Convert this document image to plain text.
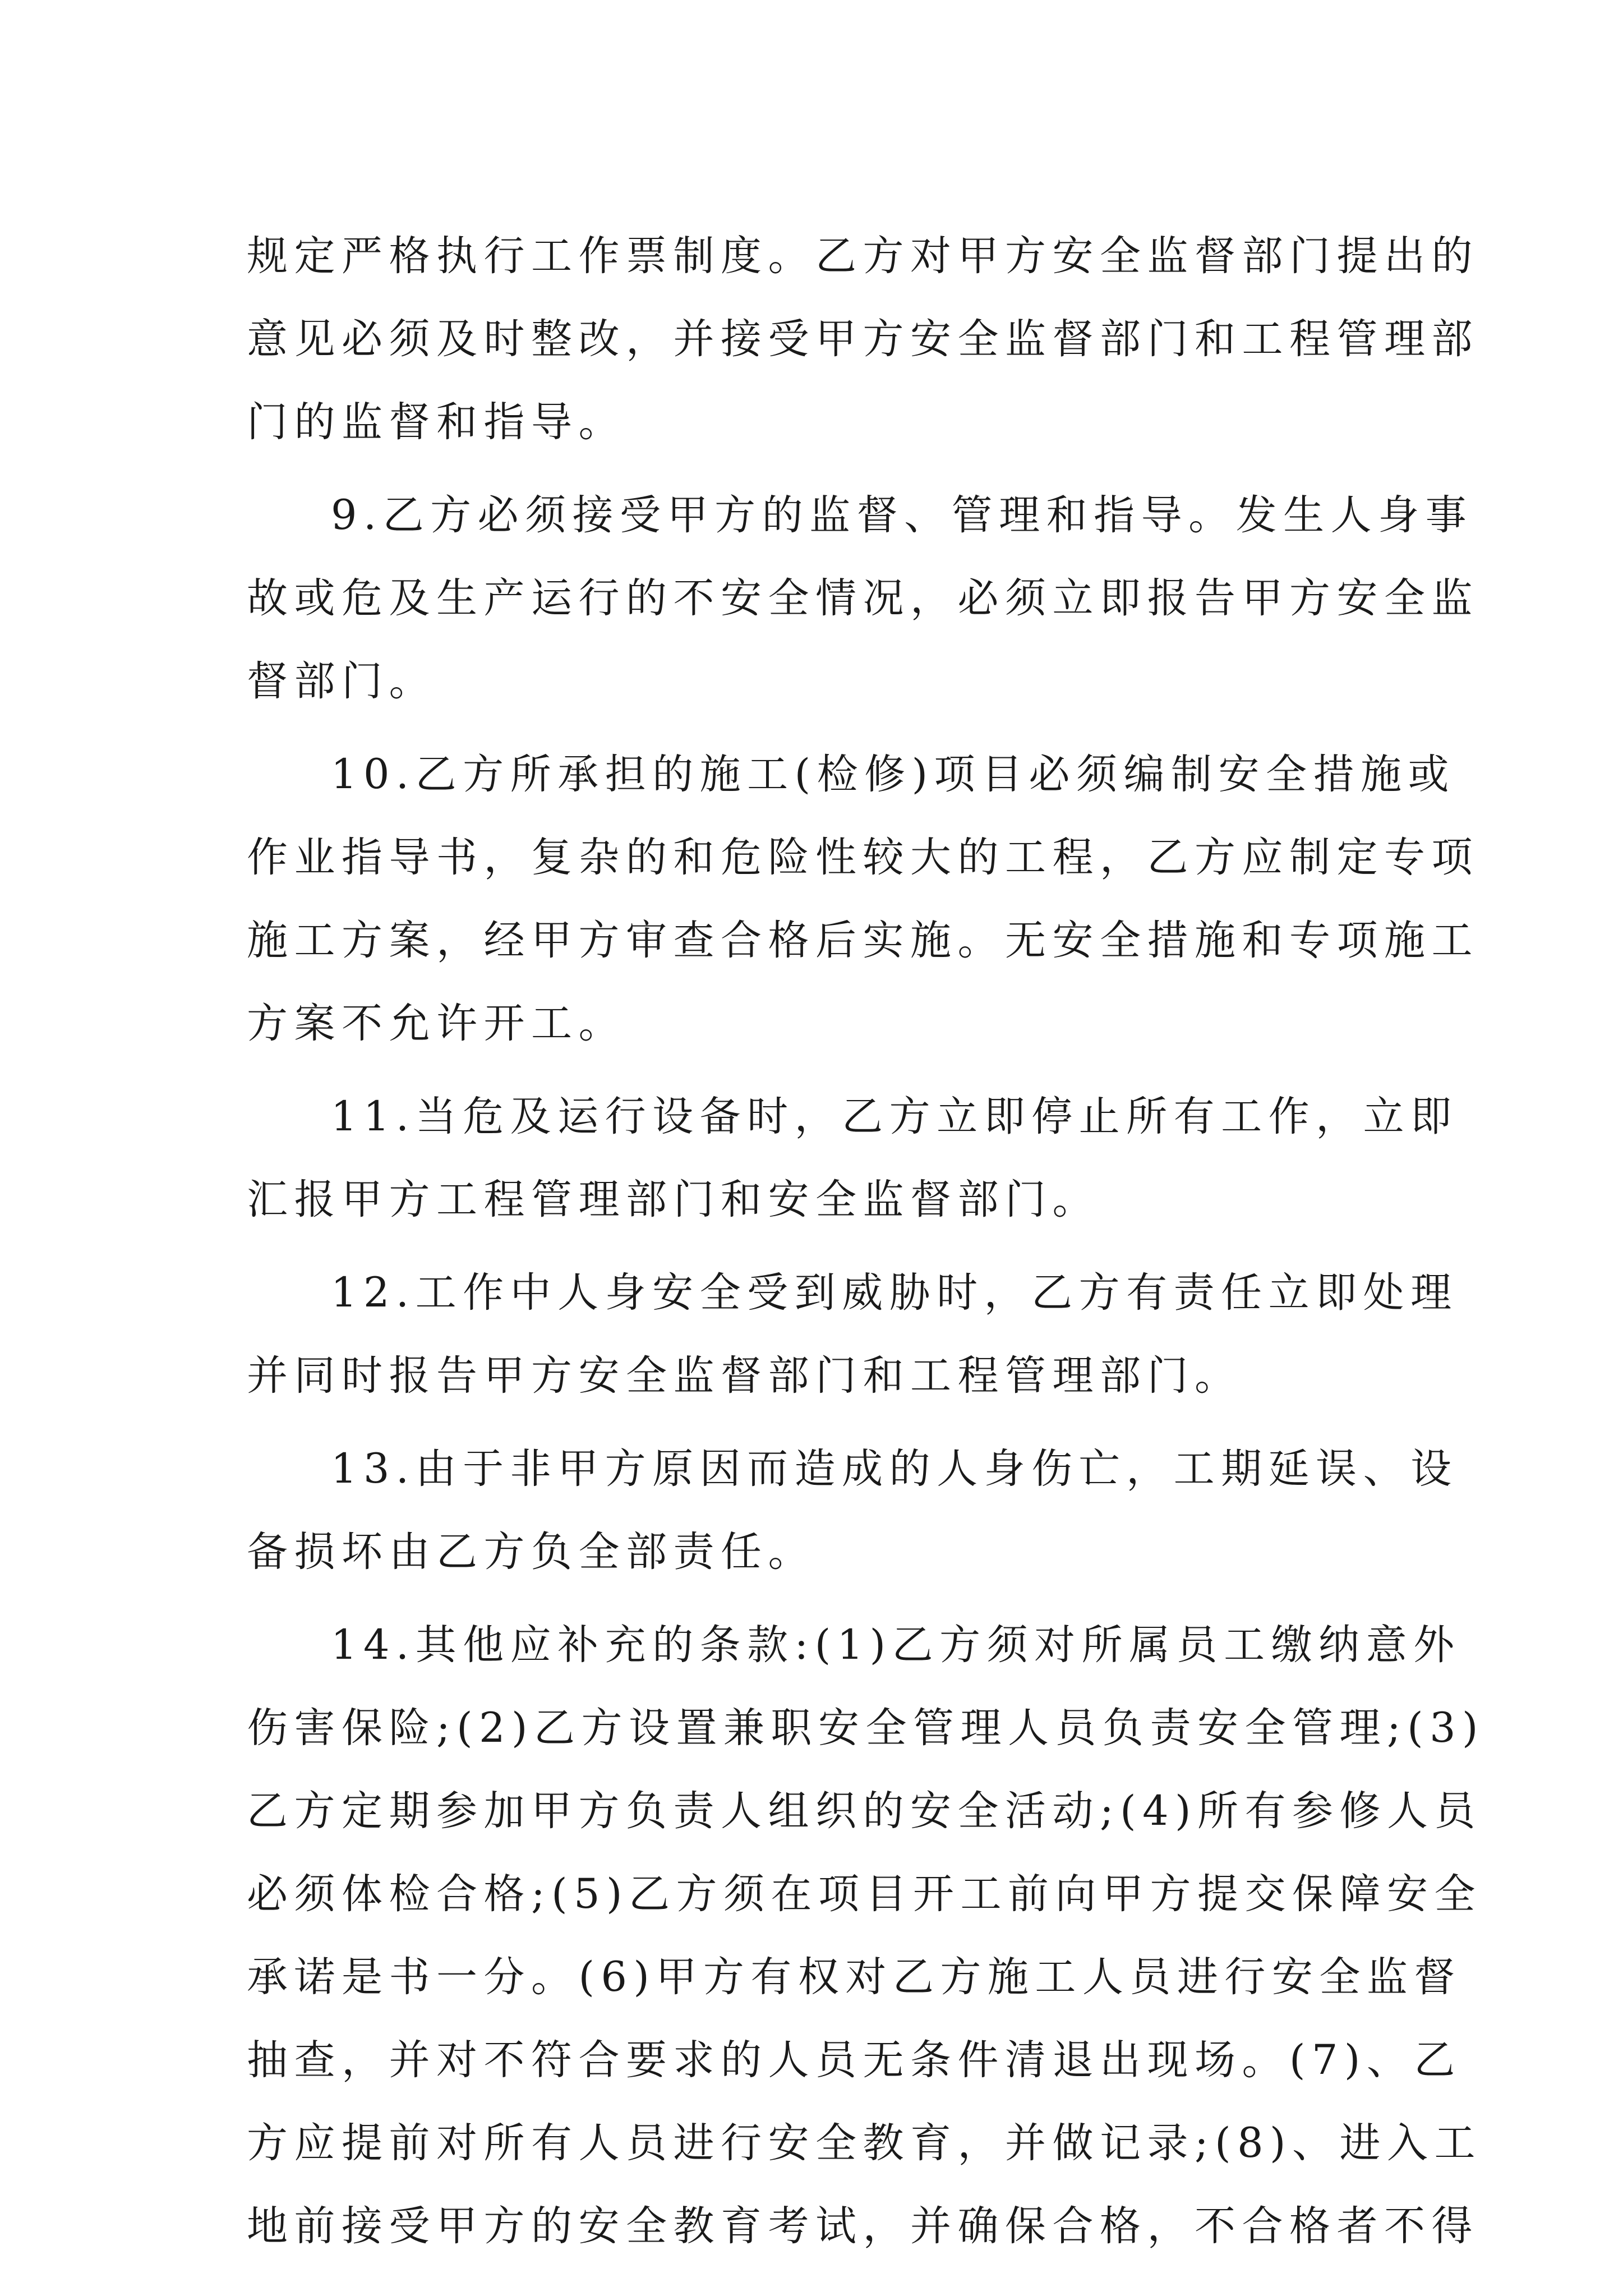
规定严格执行工作票制度。乙方对甲方安全监督部门提出的
意见必须及时整改，并接受甲方安全监督部门和工程管理部
门的监督和指导。
9.乙方必须接受甲方的监督、管理和指导。发生人身事
故或危及生产运行的不安全情况，必须立即报告甲方安全监
督部门。
10.乙方所承担的施工(检修)项目必须编制安全措施或
作业指导书，复杂的和危险性较大的工程，乙方应制定专项
施工方案，经甲方审查合格后实施。无安全措施和专项施工
方案不允许开工。
11.当危及运行设备时，乙方立即停止所有工作，立即
汇报甲方工程管理部门和安全监督部门。
12.工作中人身安全受到威胁时，乙方有责任立即处理
并同时报告甲方安全监督部门和工程管理部门。
13.由于非甲方原因而造成的人身伤亡，工期延误、设
备损坏由乙方负全部责任。
14.其他应补充的条款:(1)乙方须对所属员工缴纳意外
伤害保险;(2)乙方设置兼职安全管理人员负责安全管理;(3)
乙方定期参加甲方负责人组织的安全活动;(4)所有参修人员
必须体检合格;(5)乙方须在项目开工前向甲方提交保障安全
承诺是书一分。(6)甲方有权对乙方施工人员进行安全监督
抽查，并对不符合要求的人员无条件清退出现场。(7)、乙
方应提前对所有人员进行安全教育，并做记录;(8)、进入工
地前接受甲方的安全教育考试，并确保合格，不合格者不得
